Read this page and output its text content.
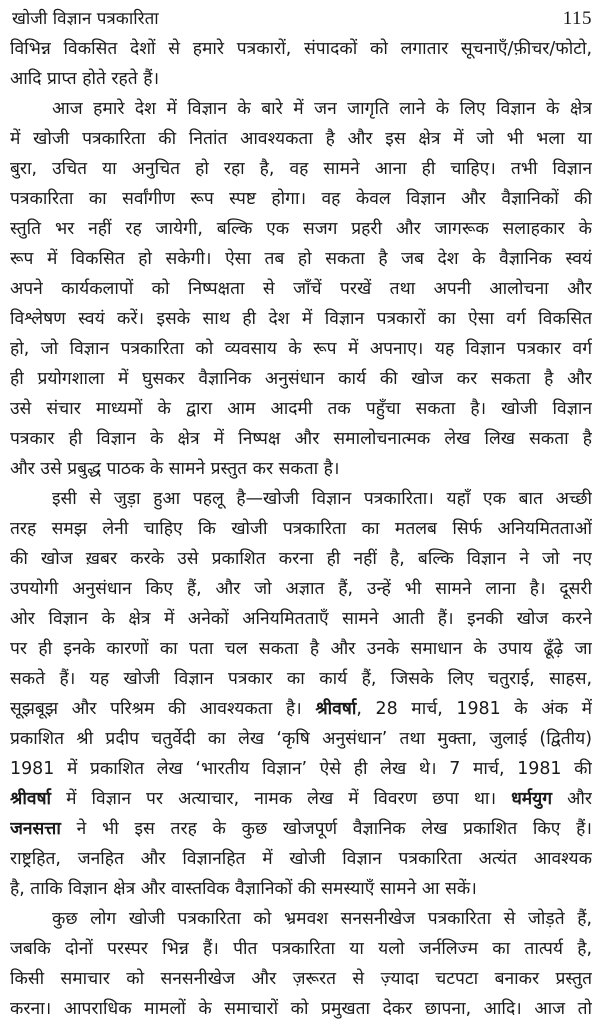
खोजी विज्ञान पत्रकारिता	115
विभिन्न विकसित देशों से हमारे पत्रकारों, संपादकों को लगातार सूचनाएँ/फ़ीचर/फोटो,
आदि प्राप्त होते रहते हैं।
आज हमारे देश में विज्ञान के बारे में जन जागृति लाने के लिए विज्ञान के क्षेत्र
में खोजी पत्रकारिता की नितांत आवश्यकता है और इस क्षेत्र में जो भी भला या
बुरा, उचित या अनुचित हो रहा है, वह सामने आना ही चाहिए। तभी विज्ञान
पत्रकारिता का सर्वांगीण रूप स्पष्ट होगा। वह केवल विज्ञान और वैज्ञानिकों की
स्तुति भर नहीं रह जायेगी, बल्कि एक सजग प्रहरी और जागरूक सलाहकार के
रूप में विकसित हो सकेगी। ऐसा तब हो सकता है जब देश के वैज्ञानिक स्वयं
अपने कार्यकलापों को निष्पक्षता से जाँचें परखें तथा अपनी आलोचना और
विश्लेषण स्वयं करें। इसके साथ ही देश में विज्ञान पत्रकारों का ऐसा वर्ग विकसित
हो, जो विज्ञान पत्रकारिता को व्यवसाय के रूप में अपनाए। यह विज्ञान पत्रकार वर्ग
ही प्रयोगशाला में घुसकर वैज्ञानिक अनुसंधान कार्य की खोज कर सकता है और
उसे संचार माध्यमों के द्वारा आम आदमी तक पहुँचा सकता है। खोजी विज्ञान
पत्रकार ही विज्ञान के क्षेत्र में निष्पक्ष और समालोचनात्मक लेख लिख सकता है
और उसे प्रबुद्ध पाठक के सामने प्रस्तुत कर सकता है।
इसी से जुड़ा हुआ पहलू है—खोजी विज्ञान पत्रकारिता। यहाँ एक बात अच्छी
तरह समझ लेनी चाहिए कि खोजी पत्रकारिता का मतलब सिर्फ अनियमितताओं
की खोज ख़बर करके उसे प्रकाशित करना ही नहीं है, बल्कि विज्ञान ने जो नए
उपयोगी अनुसंधान किए हैं, और जो अज्ञात हैं, उन्हें भी सामने लाना है। दूसरी
ओर विज्ञान के क्षेत्र में अनेकों अनियमितताएँ सामने आती हैं। इनकी खोज करने
पर ही इनके कारणों का पता चल सकता है और उनके समाधान के उपाय ढूँढ़े जा
सकते हैं। यह खोजी विज्ञान पत्रकार का कार्य हैं, जिसके लिए चतुराई, साहस,
सूझबूझ और परिश्रम की आवश्यकता है। श्रीवर्षा, 28 मार्च, 1981 के अंक में
प्रकाशित श्री प्रदीप चतुर्वेदी का लेख ‘कृषि अनुसंधान’ तथा मुक्ता, जुलाई (द्वितीय)
1981 में प्रकाशित लेख ‘भारतीय विज्ञान’ ऐसे ही लेख थे। 7 मार्च, 1981 की
श्रीवर्षा में विज्ञान पर अत्याचार, नामक लेख में विवरण छपा था। धर्मयुग और
जनसत्ता ने भी इस तरह के कुछ खोजपूर्ण वैज्ञानिक लेख प्रकाशित किए हैं।
राष्ट्रहित, जनहित और विज्ञानहित में खोजी विज्ञान पत्रकारिता अत्यंत आवश्यक
है, ताकि विज्ञान क्षेत्र और वास्तविक वैज्ञानिकों की समस्याएँ सामने आ सकें।
कुछ लोग खोजी पत्रकारिता को भ्रमवश सनसनीखेज पत्रकारिता से जोड़ते हैं,
जबकि दोनों परस्पर भिन्न हैं। पीत पत्रकारिता या यलो जर्नलिज्म का तात्पर्य है,
किसी समाचार को सनसनीखेज और ज़रूरत से ज़्यादा चटपटा बनाकर प्रस्तुत
करना। आपराधिक मामलों के समाचारों को प्रमुखता देकर छापना, आदि। आज तो
